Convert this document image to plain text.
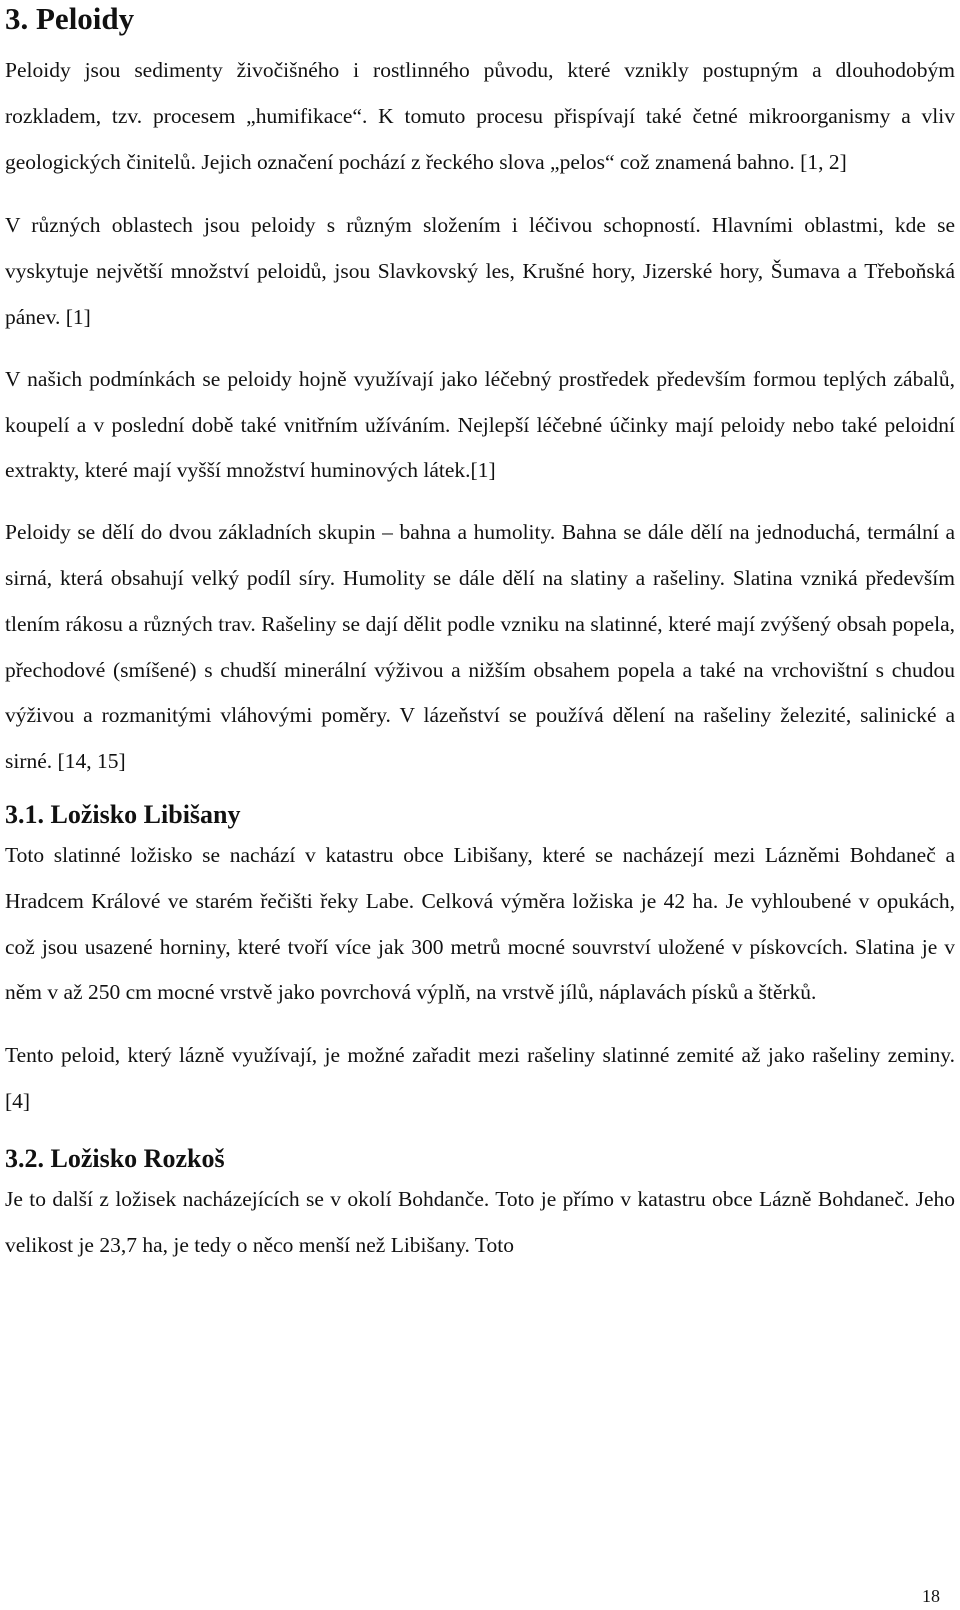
3. Peloidy

Peloidy jsou sedimenty živočišného i rostlinného původu, které vznikly postupným a dlouhodobým rozkladem, tzv. procesem „humifikace“. K tomuto procesu přispívají také četné mikroorganismy a vliv geologických činitelů. Jejich označení pochází z řeckého slova „pelos“ což znamená bahno. [1, 2]

V různých oblastech jsou peloidy s různým složením i léčivou schopností. Hlavními oblastmi, kde se vyskytuje největší množství peloidů, jsou Slavkovský les, Krušné hory, Jizerské hory, Šumava a Třeboňská pánev. [1]

V našich podmínkách se peloidy hojně využívají jako léčebný prostředek především formou teplých zábalů, koupelí a v poslední době také vnitřním užíváním. Nejlepší léčebné účinky mají peloidy nebo také peloidní extrakty, které mají vyšší množství huminových látek.[1]

Peloidy se dělí do dvou základních skupin – bahna a humolity. Bahna se dále dělí na jednoduchá, termální a sirná, která obsahují velký podíl síry. Humolity se dále dělí na slatiny a rašeliny. Slatina vzniká především tlením rákosu a různých trav. Rašeliny se dají dělit podle vzniku na slatinné, které mají zvýšený obsah popela, přechodové (smíšené) s chudší minerální výživou a nižším obsahem popela a také na vrchovištní s chudou výživou a rozmanitými vláhovými poměry. V lázeňství se používá dělení na rašeliny železité, salinické a sirné. [14, 15]

3.1. Ložisko Libišany

Toto slatinné ložisko se nachází v katastru obce Libišany, které se nacházejí mezi Lázněmi Bohdaneč a Hradcem Králové ve starém řečišti řeky Labe. Celková výměra ložiska je 42 ha. Je vyhloubené v opukách, což jsou usazené horniny, které tvoří více jak 300 metrů mocné souvrství uložené v pískovcích. Slatina je v něm v až 250 cm mocné vrstvě jako povrchová výplň, na vrstvě jílů, náplavách písků a štěrků.

Tento peloid, který lázně využívají, je možné zařadit mezi rašeliny slatinné zemité až jako rašeliny zeminy. [4]

3.2. Ložisko Rozkoš

Je to další z ložisek nacházejících se v okolí Bohdanče. Toto je přímo v katastru obce Lázně Bohdaneč. Jeho velikost je 23,7 ha, je tedy o něco menší než Libišany. Toto

18
